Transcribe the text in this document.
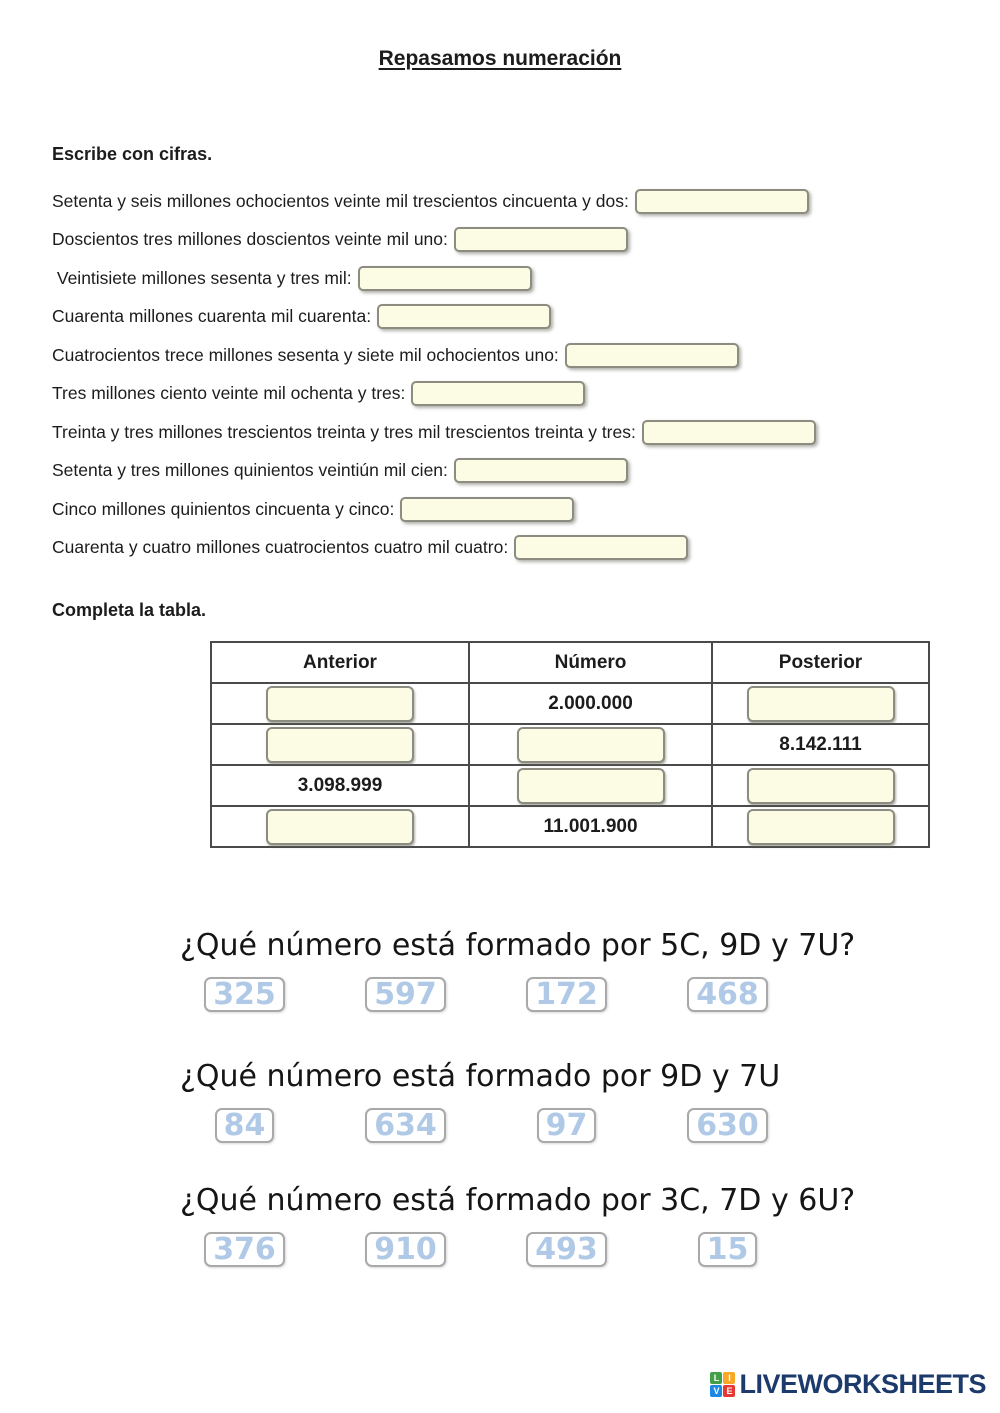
Repasamos numeración
Escribe con cifras.
Setenta y seis millones ochocientos veinte mil trescientos cincuenta y dos:
Doscientos tres millones doscientos veinte mil uno:
Veintisiete millones sesenta y tres mil:
Cuarenta millones cuarenta mil cuarenta:
Cuatrocientos trece millones sesenta y siete mil ochocientos uno:
Tres millones ciento veinte mil ochenta y tres:
Treinta y tres millones trescientos treinta y tres mil trescientos treinta y tres:
Setenta y tres millones quinientos veintiún mil cien:
Cinco millones quinientos cincuenta y cinco:
Cuarenta y cuatro millones cuatrocientos cuatro mil cuatro:
Completa la tabla.
Anterior	Número	Posterior
	2.000.000	
		8.142.111
3.098.999		
	11.001.900	
¿Qué número está formado por 5C, 9D y 7U?
325	597	172	468
¿Qué número está formado por 9D y 7U
84	634	97	630
¿Qué número está formado por 3C, 7D y 6U?
376	910	493	15
L I
V E LIVEWORKSHEETS
